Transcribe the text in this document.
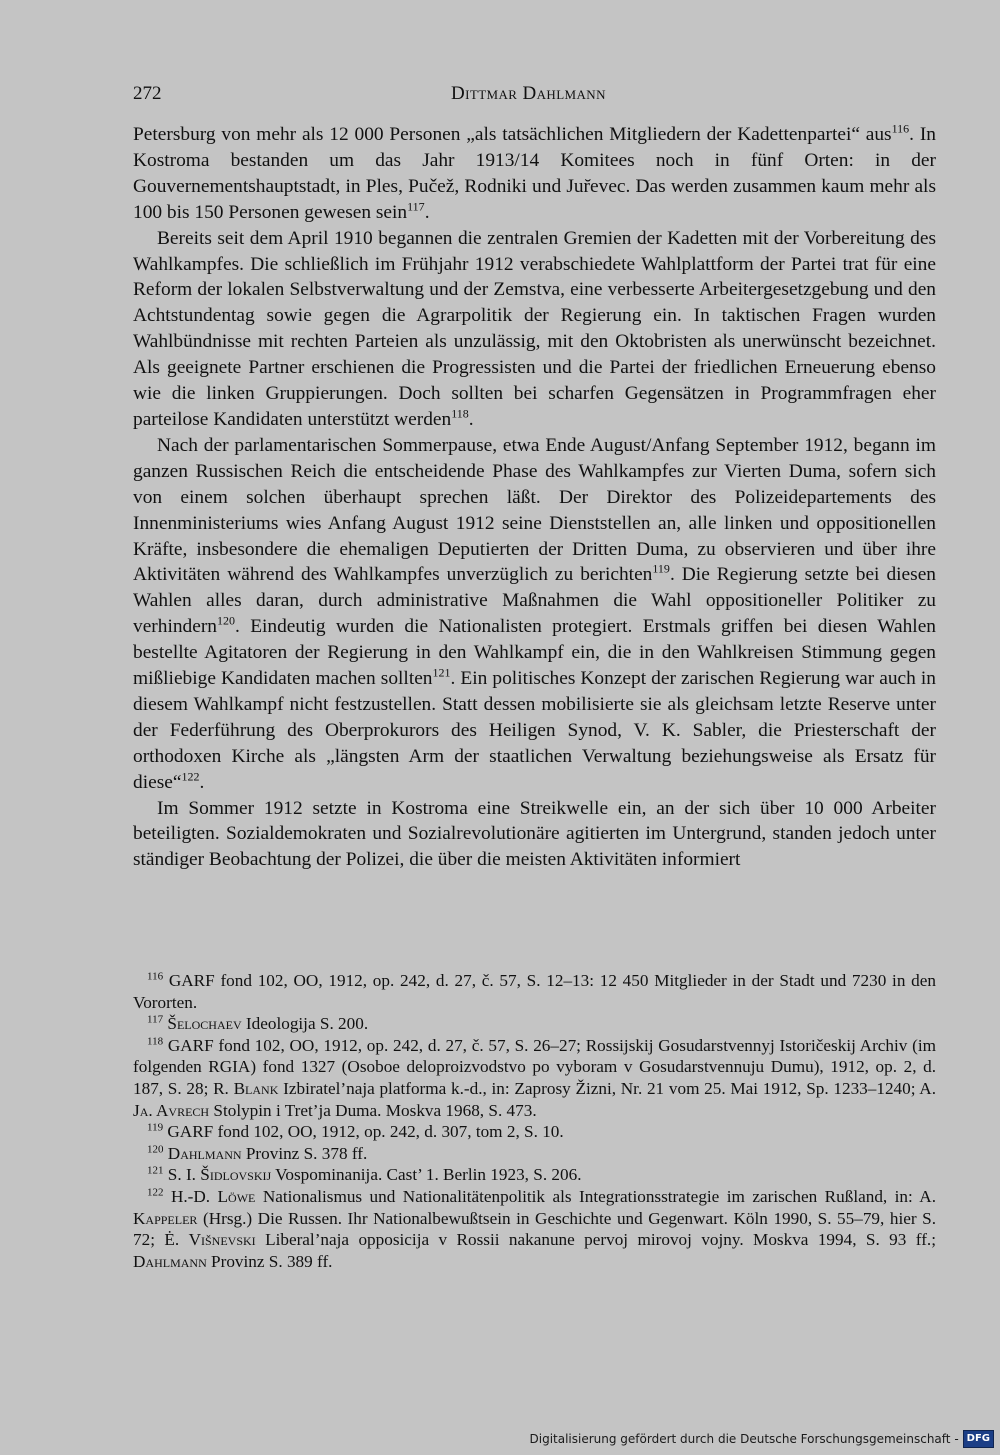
272	Dittmar Dahlmann

Petersburg von mehr als 12 000 Personen „als tatsächlichen Mitgliedern der Kadettenpartei“ aus$^{116}$. In Kostroma bestanden um das Jahr 1913/14 Komitees noch in fünf Orten: in der Gouvernementshauptstadt, in Ples, Pučež, Rodniki und Jur̆evec. Das werden zusammen kaum mehr als 100 bis 150 Personen gewesen sein$^{117}$.

Bereits seit dem April 1910 begannen die zentralen Gremien der Kadetten mit der Vorbereitung des Wahlkampfes. Die schließlich im Frühjahr 1912 verabschiedete Wahlplattform der Partei trat für eine Reform der lokalen Selbstverwaltung und der Zemstva, eine verbesserte Arbeitergesetzgebung und den Achtstundentag sowie gegen die Agrarpolitik der Regierung ein. In taktischen Fragen wurden Wahlbündnisse mit rechten Parteien als unzulässig, mit den Oktobristen als unerwünscht bezeichnet. Als geeignete Partner erschienen die Progressisten und die Partei der friedlichen Erneuerung ebenso wie die linken Gruppierungen. Doch sollten bei scharfen Gegensätzen in Programmfragen eher parteilose Kandidaten unterstützt werden$^{118}$.

Nach der parlamentarischen Sommerpause, etwa Ende August/Anfang September 1912, begann im ganzen Russischen Reich die entscheidende Phase des Wahlkampfes zur Vierten Duma, sofern sich von einem solchen überhaupt sprechen läßt. Der Direktor des Polizeidepartements des Innenministeriums wies Anfang August 1912 seine Dienststellen an, alle linken und oppositionellen Kräfte, insbesondere die ehemaligen Deputierten der Dritten Duma, zu observieren und über ihre Aktivitäten während des Wahlkampfes unverzüglich zu berichten$^{119}$. Die Regierung setzte bei diesen Wahlen alles daran, durch administrative Maßnahmen die Wahl oppositioneller Politiker zu verhindern$^{120}$. Eindeutig wurden die Nationalisten protegiert. Erstmals griffen bei diesen Wahlen bestellte Agitatoren der Regierung in den Wahlkampf ein, die in den Wahlkreisen Stimmung gegen mißliebige Kandidaten machen sollten$^{121}$. Ein politisches Konzept der zarischen Regierung war auch in diesem Wahlkampf nicht festzustellen. Statt dessen mobilisierte sie als gleichsam letzte Reserve unter der Federführung des Oberprokurors des Heiligen Synod, V. K. Sabler, die Priesterschaft der orthodoxen Kirche als „längsten Arm der staatlichen Verwaltung beziehungsweise als Ersatz für diese“$^{122}$.

Im Sommer 1912 setzte in Kostroma eine Streikwelle ein, an der sich über 10 000 Arbeiter beteiligten. Sozialdemokraten und Sozialrevolutionäre agitierten im Untergrund, standen jedoch unter ständiger Beobachtung der Polizei, die über die meisten Aktivitäten informiert

$^{116}$ GARF fond 102, OO, 1912, op. 242, d. 27, č. 57, S. 12–13: 12 450 Mitglieder in der Stadt und 7230 in den Vororten.

$^{117}$ Šelochaev Ideologija S. 200.

$^{118}$ GARF fond 102, OO, 1912, op. 242, d. 27, č. 57, S. 26–27; Rossijskij Gosudarstvennyj Istoričeskij Archiv (im folgenden RGIA) fond 1327 (Osoboe deloproizvodstvo po vyboram v Gosudarstvennuju Dumu), 1912, op. 2, d. 187, S. 28; R. Blank Izbiratel’naja platforma k.-d., in: Zaprosy Žizni, Nr. 21 vom 25. Mai 1912, Sp. 1233–1240; A. Ja. Avrech Stolypin i Tret’ja Duma. Moskva 1968, S. 473.

$^{119}$ GARF fond 102, OO, 1912, op. 242, d. 307, tom 2, S. 10.

$^{120}$ Dahlmann Provinz S. 378 ff.

$^{121}$ S. I. Šidlovskij Vospominanija. Cast’ 1. Berlin 1923, S. 206.

$^{122}$ H.-D. Löwe Nationalismus und Nationalitätenpolitik als Integrationsstrategie im zarischen Rußland, in: A. Kappeler (Hrsg.) Die Russen. Ihr Nationalbewußtsein in Geschichte und Gegenwart. Köln 1990, S. 55–79, hier S. 72; Ė. Višnevski Liberal’naja opposicija v Rossii nakanune pervoj mirovoj vojny. Moskva 1994, S. 93 ff.; Dahlmann Provinz S. 389 ff.

Digitalisierung gefördert durch die Deutsche Forschungsgemeinschaft - DFG
